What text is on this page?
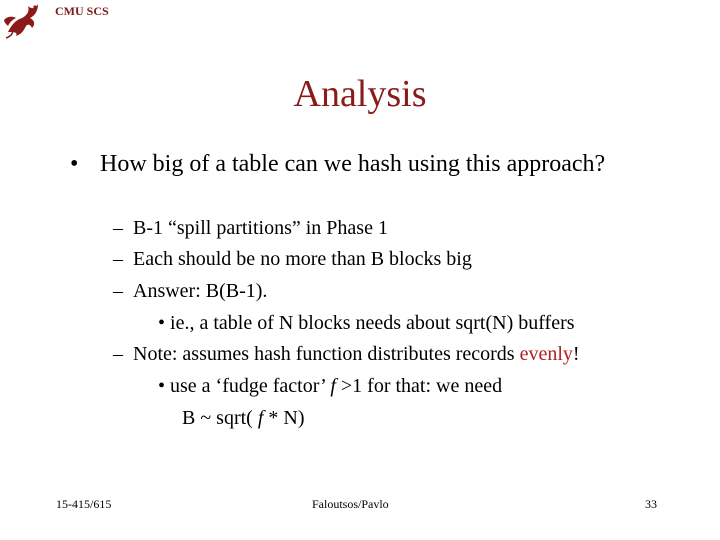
CMU SCS
Analysis
• How big of a table can we hash using this approach?
– B-1 “spill partitions” in Phase 1
– Each should be no more than B blocks big
– Answer: B(B-1).
• ie., a table of N blocks needs about sqrt(N) buffers
– Note: assumes hash function distributes records evenly!
• use a ‘fudge factor’ f >1 for that: we need
B ~ sqrt( f * N)
15-415/615	Faloutsos/Pavlo	33
